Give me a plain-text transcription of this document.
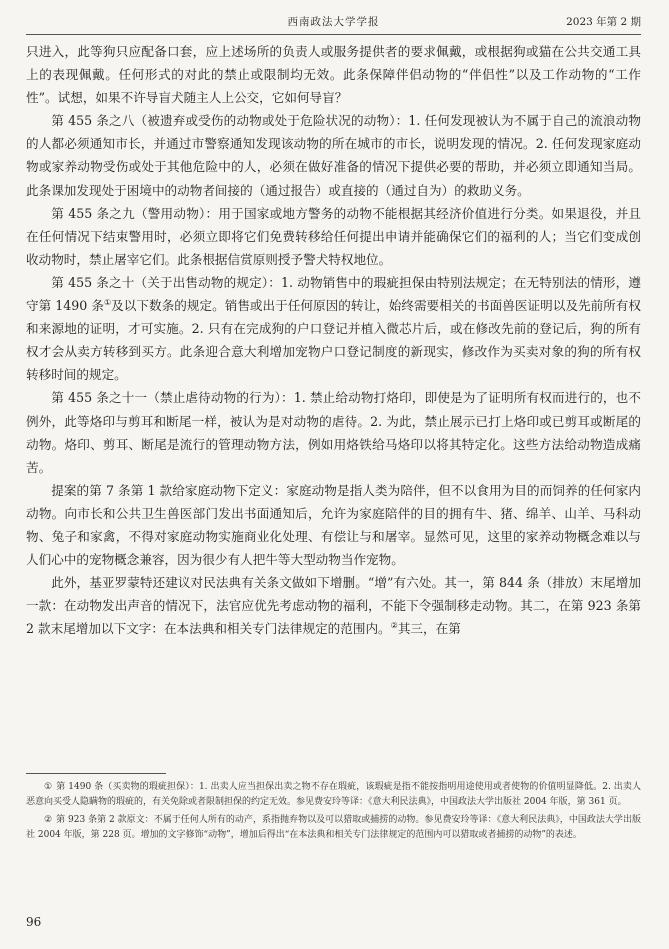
西南政法大学学报	2023 年第 2 期

只进入，此等狗只应配备口套，应上述场所的负责人或服务提供者的要求佩戴，或根据狗或猫在公共交通工具上的表现佩戴。任何形式的对此的禁止或限制均无效。此条保障伴侣动物的“伴侣性”以及工作动物的“工作性”。试想，如果不许导盲犬随主人上公交，它如何导盲？

第 455 条之八（被遗弃或受伤的动物或处于危险状况的动物）：1. 任何发现被认为不属于自己的流浪动物的人都必须通知市长，并通过市警察通知发现该动物的所在城市的市长，说明发现的情况。2. 任何发现家庭动物或家养动物受伤或处于其他危险中的人，必须在做好准备的情况下提供必要的帮助，并必须立即通知当局。此条课加发现处于困境中的动物者间接的（通过报告）或直接的（通过自为）的救助义务。

第 455 条之九（警用动物）：用于国家或地方警务的动物不能根据其经济价值进行分类。如果退役，并且在任何情况下结束警用时，必须立即将它们免费转移给任何提出申请并能确保它们的福利的人；当它们变成创收动物时，禁止屠宰它们。此条根据信赏原则授予警犬特权地位。

第 455 条之十（关于出售动物的规定）：1. 动物销售中的瑕疵担保由特别法规定；在无特别法的情形，遵守第 1490 条①及以下数条的规定。销售或出于任何原因的转让，始终需要相关的书面兽医证明以及先前所有权和来源地的证明，才可实施。2. 只有在完成狗的户口登记并植入微芯片后，或在修改先前的登记后，狗的所有权才会从卖方转移到买方。此条迎合意大利增加宠物户口登记制度的新现实，修改作为买卖对象的狗的所有权转移时间的规定。

第 455 条之十一（禁止虐待动物的行为）：1. 禁止给动物打烙印，即使是为了证明所有权而进行的，也不例外，此等烙印与剪耳和断尾一样，被认为是对动物的虐待。2. 为此，禁止展示已打上烙印或已剪耳或断尾的动物。烙印、剪耳、断尾是流行的管理动物方法，例如用烙铁给马烙印以将其特定化。这些方法给动物造成痛苦。

提案的第 7 条第 1 款给家庭动物下定义：家庭动物是指人类为陪伴，但不以食用为目的而饲养的任何家内动物。向市长和公共卫生兽医部门发出书面通知后，允许为家庭陪伴的目的拥有牛、猪、绵羊、山羊、马科动物、兔子和家禽，不得对家庭动物实施商业化处理、有偿让与和屠宰。显然可见，这里的家养动物概念难以与人们心中的宠物概念兼容，因为很少有人把牛等大型动物当作宠物。

此外，基亚罗蒙特还建议对民法典有关条文做如下增删。“增”有六处。其一，第 844 条（排放）末尾增加一款：在动物发出声音的情况下，法官应优先考虑动物的福利，不能下令强制移走动物。其二，在第 923 条第 2 款末尾增加以下文字：在本法典和相关专门法律规定的范围内。②其三，在第

① 第 1490 条（买卖物的瑕疵担保）：1. 出卖人应当担保出卖之物不存在瑕疵，该瑕疵是指不能按指明用途使用或者使物的价值明显降低。2. 出卖人恶意向买受人隐瞒物的瑕疵的，有关免除或者限制担保的约定无效。参见费安玲等译：《意大利民法典》，中国政法大学出版社 2004 年版，第 361 页。

② 第 923 条第 2 款原文：不属于任何人所有的动产，系指抛弃物以及可以猎取或捕捞的动物。参见费安玲等译：《意大利民法典》，中国政法大学出版社 2004 年版，第 228 页。增加的文字修饰“动物”，增加后得出“在本法典和相关专门法律规定的范围内可以猎取或者捕捞的动物”的表述。

96
